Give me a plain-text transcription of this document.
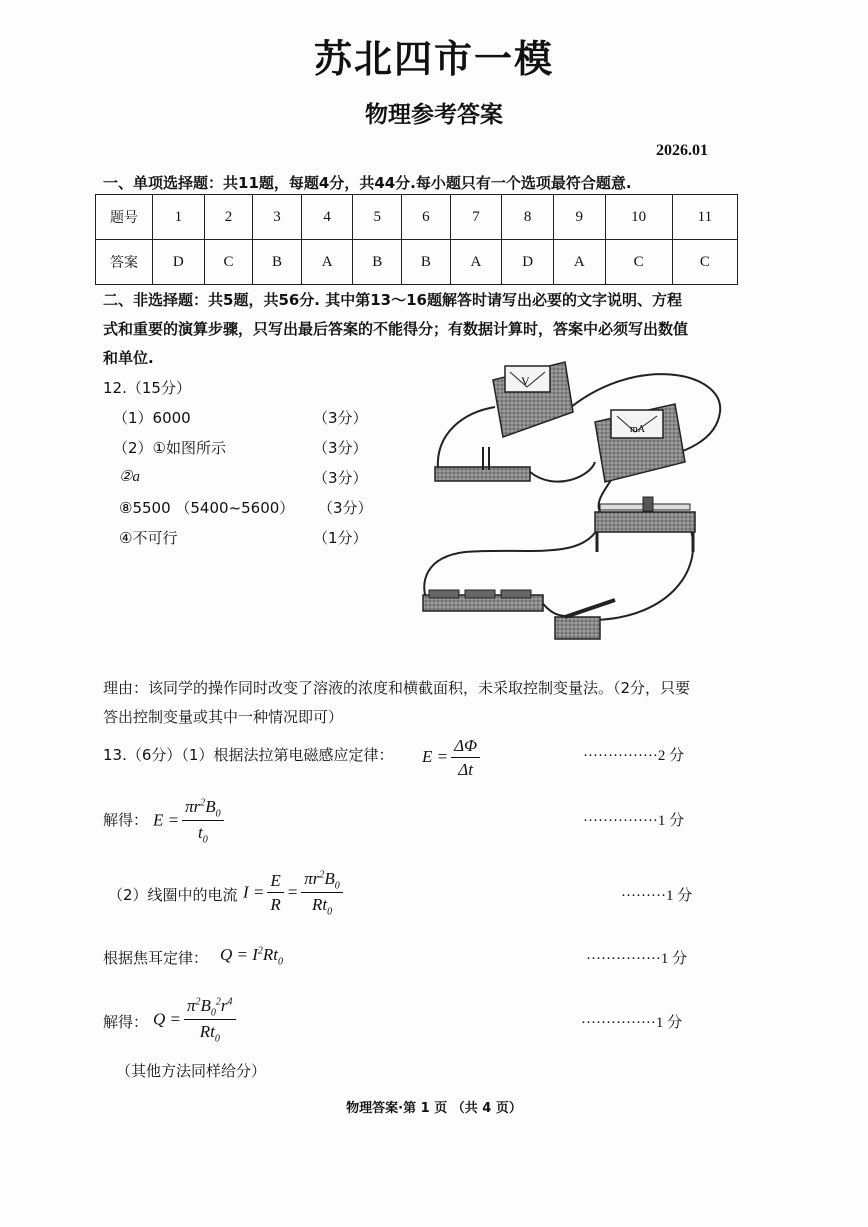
苏北四市一模
物理参考答案
2026.01
一、单项选择题：共11题，每题4分，共44分.每小题只有一个选项最符合题意.
题号	1	2	3	4	5	6	7	8	9	10	11
答案	D	C	B	A	B	B	A	D	A	C	C
二、非选择题：共5题，共56分. 其中第13～16题解答时请写出必要的文字说明、方程
式和重要的演算步骤，只写出最后答案的不能得分；有数据计算时，答案中必须写出数值
和单位.
12.（15分）
（1）6000	（3分）
（2）①如图所示	（3分）
②a	（3分）
⑧5500 （5400~5600） （3分）
④不可行	（1分）
V
mA
理由：该同学的操作同时改变了溶液的浓度和横截面积，未采取控制变量法。（2分，只要
答出控制变量或其中一种情况即可）
13.（6分）（1）根据法拉第电磁感应定律： $E = \frac{\Delta\Phi}{\Delta t}$	···············2 分
解得： $E = \frac{\pi r^2B_0}{t_0}$	···············1 分
（2）线圈中的电流 $I = \frac{E}{R} = \frac{\pi r^2B_0}{Rt_0}$	·········1 分
根据焦耳定律： $Q = I^2Rt_0$	···············1 分
解得： $Q = \frac{\pi^2B_0^2r^4}{Rt_0}$	···············1 分
（其他方法同样给分）
物理答案·第 1 页 （共 4 页）
